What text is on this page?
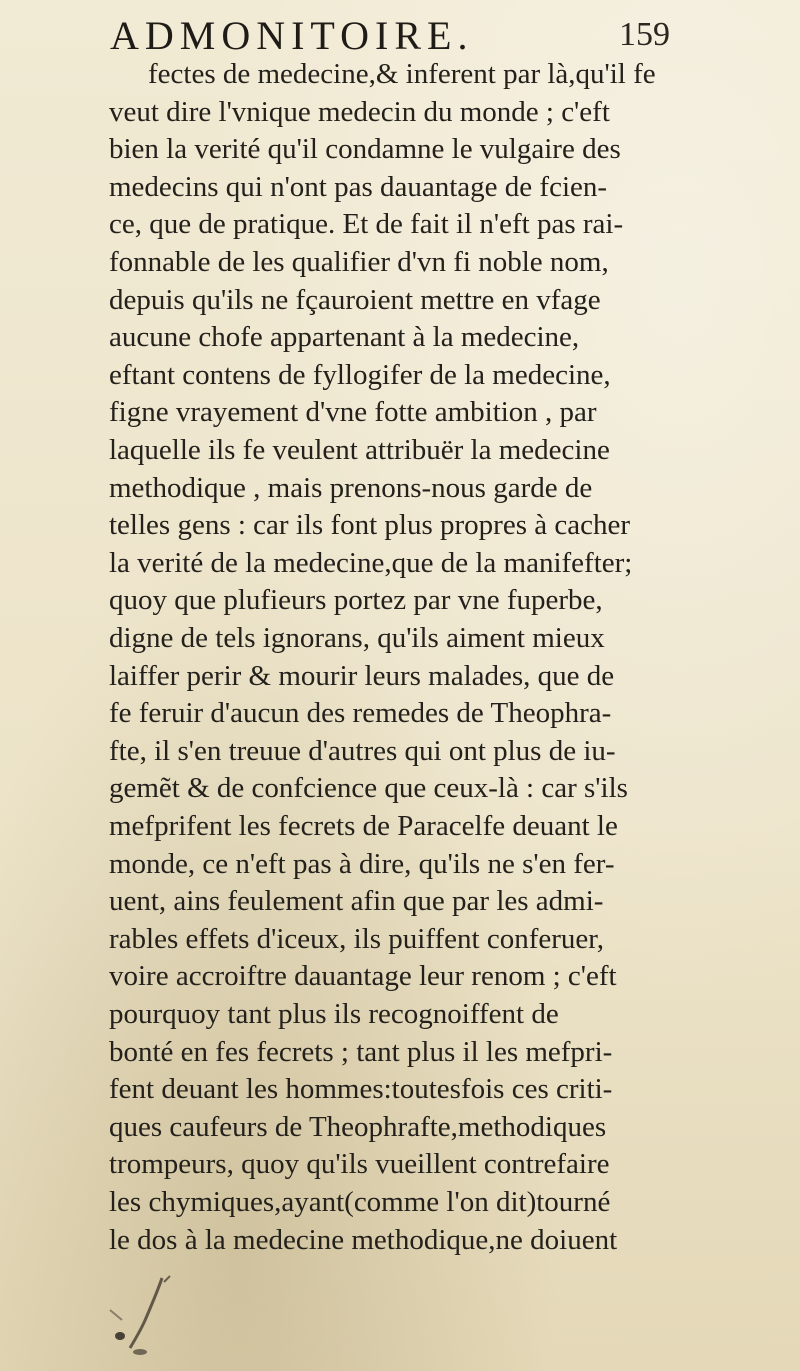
ADMONITOIRE.	159
fectes de medecine,& inferent par là,qu'il fe
veut dire l'vnique medecin du monde ; c'eft
bien la verité qu'il condamne le vulgaire des
medecins qui n'ont pas dauantage de fcien-
ce, que de pratique. Et de fait il n'eft pas rai-
fonnable de les qualifier d'vn fi noble nom,
depuis qu'ils ne fçauroient mettre en vfage
aucune chofe appartenant à la medecine,
eftant contens de fyllogifer de la medecine,
figne vrayement d'vne fotte ambition , par
laquelle ils fe veulent attribuër la medecine
methodique , mais prenons-nous garde de
telles gens : car ils font plus propres à cacher
la verité de la medecine,que de la manifefter;
quoy que plufieurs portez par vne fuperbe,
digne de tels ignorans, qu'ils aiment mieux
laiffer perir & mourir leurs malades, que de
fe feruir d'aucun des remedes de Theophra-
fte, il s'en treuue d'autres qui ont plus de iu-
gemẽt & de confcience que ceux-là : car s'ils
mefprifent les fecrets de Paracelfe deuant le
monde, ce n'eft pas à dire, qu'ils ne s'en fer-
uent, ains feulement afin que par les admi-
rables effets d'iceux, ils puiffent conferuer,
voire accroiftre dauantage leur renom ; c'eft
pourquoy tant plus ils recognoiffent de
bonté en fes fecrets ; tant plus il les mefpri-
fent deuant les hommes:toutesfois ces criti-
ques caufeurs de Theophrafte,methodiques
trompeurs, quoy qu'ils vueillent contrefaire
les chymiques,ayant(comme l'on dit)tourné
le dos à la medecine methodique,ne doiuent
